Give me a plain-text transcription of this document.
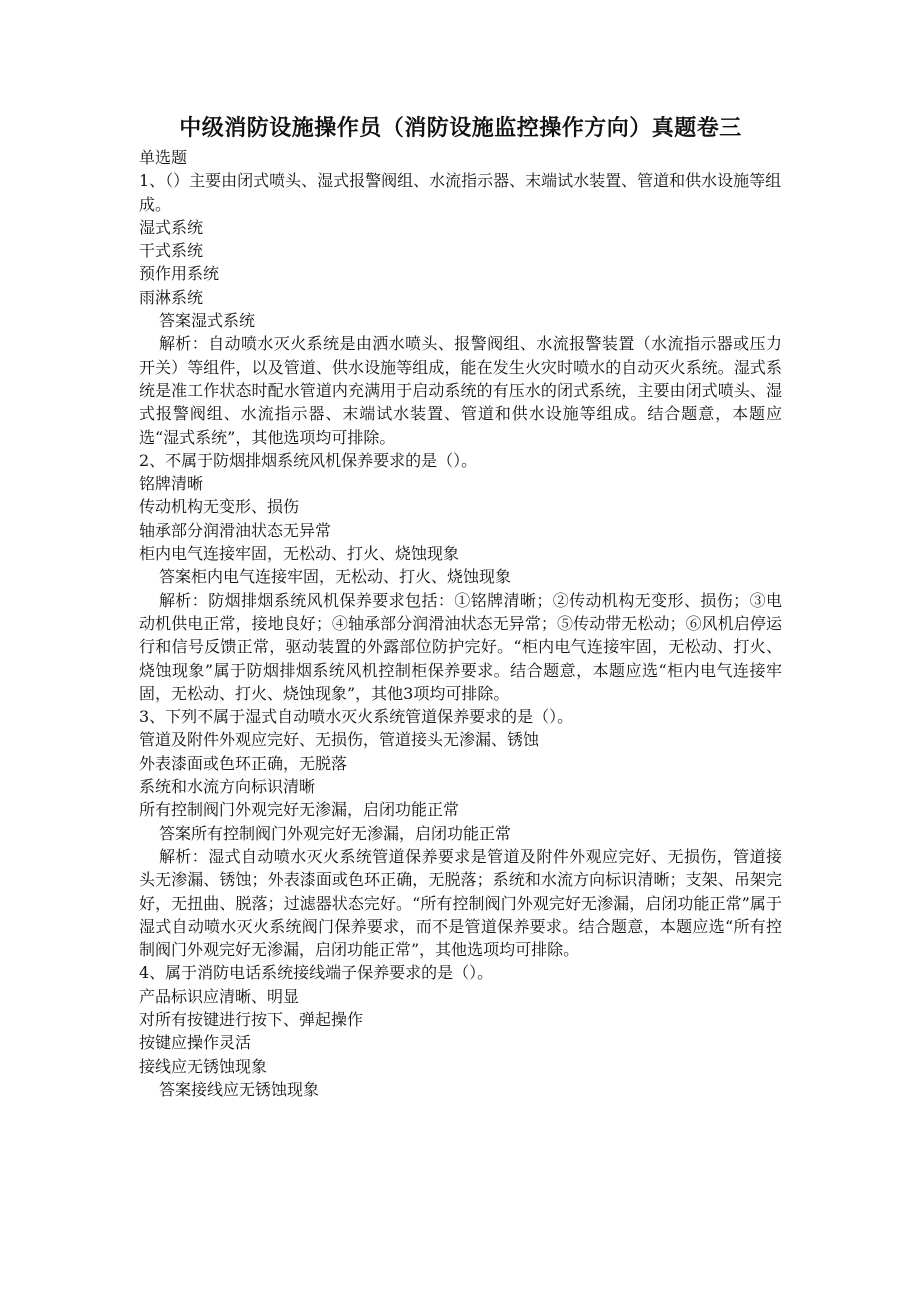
中级消防设施操作员（消防设施监控操作方向）真题卷三
单选题
1、（）主要由闭式喷头、湿式报警阀组、水流指示器、末端试水装置、管道和供水设施等组成。
湿式系统
干式系统
预作用系统
雨淋系统
答案湿式系统
解析：自动喷水灭火系统是由洒水喷头、报警阀组、水流报警装置（水流指示器或压力开关）等组件，以及管道、供水设施等组成，能在发生火灾时喷水的自动灭火系统。湿式系统是准工作状态时配水管道内充满用于启动系统的有压水的闭式系统，主要由闭式喷头、湿式报警阀组、水流指示器、末端试水装置、管道和供水设施等组成。结合题意，本题应选“湿式系统”，其他选项均可排除。
2、不属于防烟排烟系统风机保养要求的是（）。
铭牌清晰
传动机构无变形、损伤
轴承部分润滑油状态无异常
柜内电气连接牢固，无松动、打火、烧蚀现象
答案柜内电气连接牢固，无松动、打火、烧蚀现象
解析：防烟排烟系统风机保养要求包括：①铭牌清晰；②传动机构无变形、损伤；③电动机供电正常，接地良好；④轴承部分润滑油状态无异常；⑤传动带无松动；⑥风机启停运行和信号反馈正常，驱动装置的外露部位防护完好。“柜内电气连接牢固，无松动、打火、烧蚀现象”属于防烟排烟系统风机控制柜保养要求。结合题意，本题应选“柜内电气连接牢固，无松动、打火、烧蚀现象”，其他3项均可排除。
3、下列不属于湿式自动喷水灭火系统管道保养要求的是（）。
管道及附件外观应完好、无损伤，管道接头无渗漏、锈蚀
外表漆面或色环正确，无脱落
系统和水流方向标识清晰
所有控制阀门外观完好无渗漏，启闭功能正常
答案所有控制阀门外观完好无渗漏，启闭功能正常
解析：湿式自动喷水灭火系统管道保养要求是管道及附件外观应完好、无损伤，管道接头无渗漏、锈蚀；外表漆面或色环正确，无脱落；系统和水流方向标识清晰；支架、吊架完好，无扭曲、脱落；过滤器状态完好。“所有控制阀门外观完好无渗漏，启闭功能正常”属于湿式自动喷水灭火系统阀门保养要求，而不是管道保养要求。结合题意，本题应选“所有控制阀门外观完好无渗漏，启闭功能正常”，其他选项均可排除。
4、属于消防电话系统接线端子保养要求的是（）。
产品标识应清晰、明显
对所有按键进行按下、弹起操作
按键应操作灵活
接线应无锈蚀现象
答案接线应无锈蚀现象
